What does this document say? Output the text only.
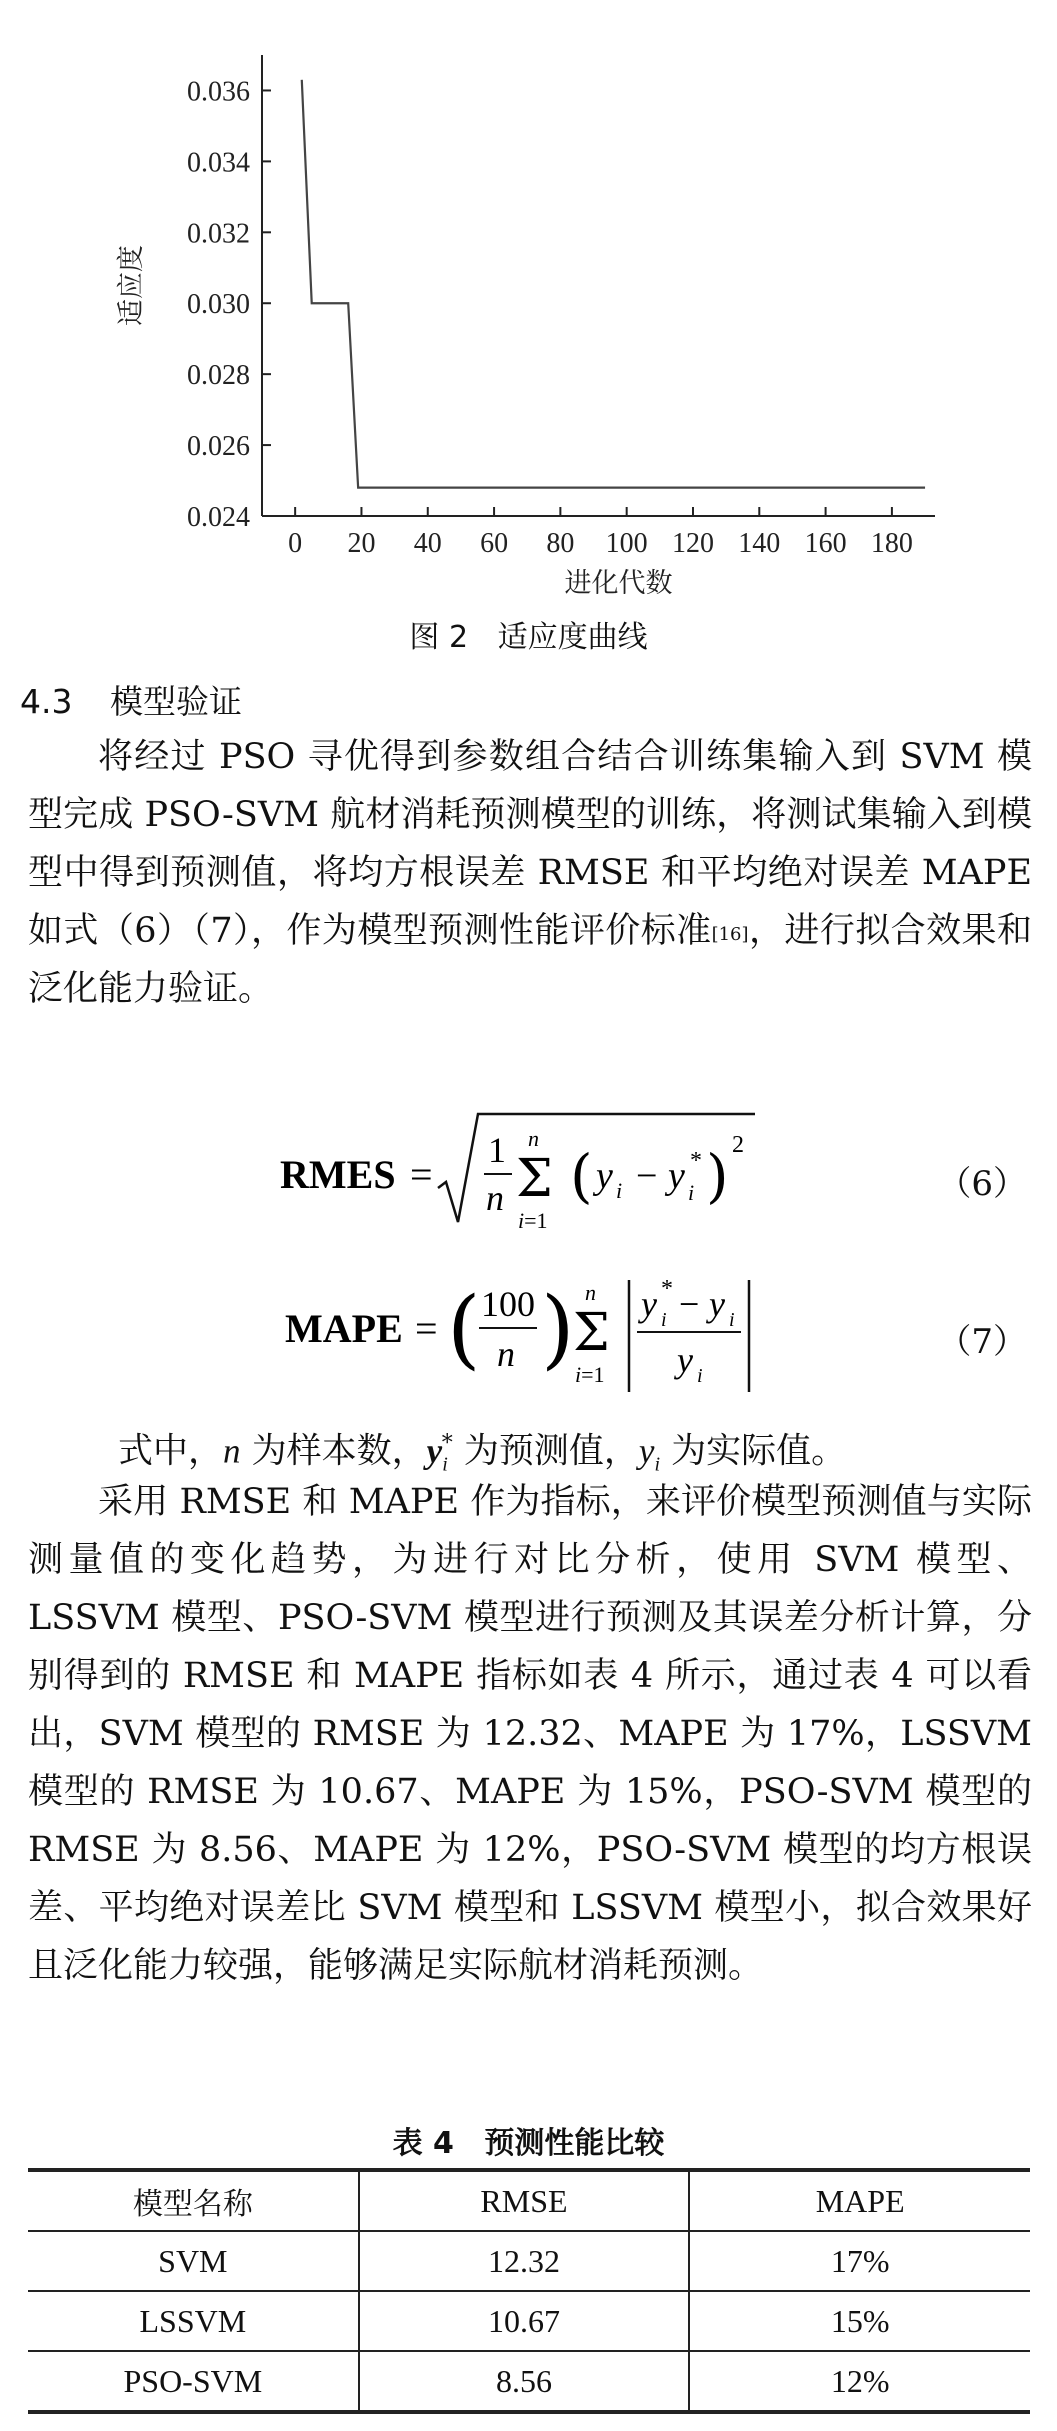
0.024
0.026
0.028
0.030
0.032
0.034
0.036
0 20 40 60 80 100 120 140 160 180
进化代数
适应度
图 2 适应度曲线
4.3 模型验证

将经过 PSO 寻优得到参数组合结合训练集输入到 SVM 模型完成 PSO-SVM 航材消耗预测模型的训练，将测试集输入到模型中得到预测值，将均方根误差 RMSE 和平均绝对误差 MAPE 如式（6）（7），作为模型预测性能评价标准[16]，进行拟合效果和泛化能力验证。

RMES =
1
n
n
Σ
i=1
( y i − y *
i ) 2
（6）
MAPE = ( 100
n ) n
Σ
i=1
y *
i − y i
y i
（7）
式中，n 为样本数，$y_i^*$ 为预测值，$y_i$ 为实际值。

采用 RMSE 和 MAPE 作为指标，来评价模型预测值与实际测量值的变化趋势，为进行对比分析，使用 SVM 模型、LSSVM 模型、PSO-SVM 模型进行预测及其误差分析计算，分别得到的 RMSE 和 MAPE 指标如表 4 所示，通过表 4 可以看出，SVM 模型的 RMSE 为 12.32、MAPE 为 17%，LSSVM 模型的 RMSE 为 10.67、MAPE 为 15%，PSO-SVM 模型的 RMSE 为 8.56、MAPE 为 12%，PSO-SVM 模型的均方根误差、平均绝对误差比 SVM 模型和 LSSVM 模型小，拟合效果好且泛化能力较强，能够满足实际航材消耗预测。

表 4 预测性能比较
模型名称	RMSE	MAPE
SVM	12.32	17%
LSSVM	10.67	15%
PSO-SVM	8.56	12%
